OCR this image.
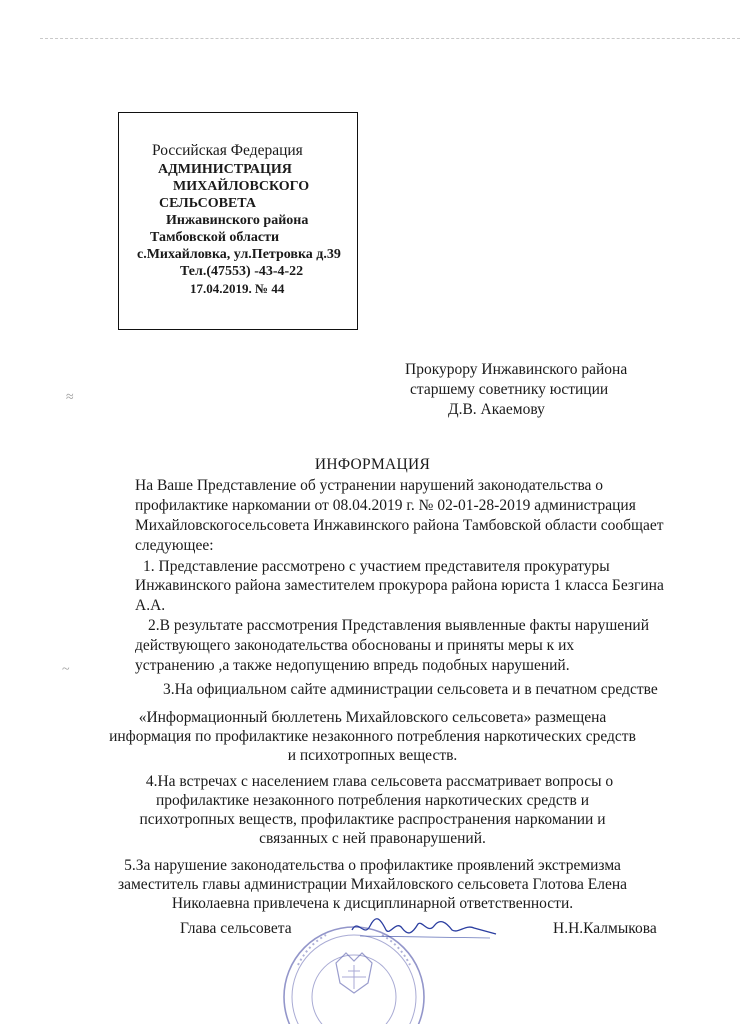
≈
~
Российская Федерация
АДМИНИСТРАЦИЯ
МИХАЙЛОВСКОГО
СЕЛЬСОВЕТА
Инжавинского района
Тамбовской области
с.Михайловка, ул.Петровка д.39
Тел.(47553) -43-4-22
17.04.2019. № 44
Прокурору Инжавинского района
старшему советнику юстиции
Д.В. Акаемову
ИНФОРМАЦИЯ
На Ваше Представление об устранении нарушений законодательства о
профилактике наркомании от 08.04.2019 г. № 02-01-28-2019 администрация
Михайловскогосельсовета Инжавинского района Тамбовской области сообщает
следующее:
1. Представление рассмотрено с участием представителя прокуратуры
Инжавинского района заместителем прокурора района юриста 1 класса Безгина
А.А.
2.В результате рассмотрения Представления выявленные факты нарушений
действующего законодательства обоснованы и приняты меры к их
устранению ,а также недопущению впредь подобных нарушений.
3.На официальном сайте администрации сельсовета и в печатном средстве
«Информационный бюллетень Михайловского сельсовета» размещена
информация по профилактике незаконного потребления наркотических средств
и психотропных веществ.
4.На встречах с населением глава сельсовета рассматривает вопросы о
профилактике незаконного потребления наркотических средств и
психотропных веществ, профилактике распространения наркомании и
связанных с ней правонарушений.
5.За нарушение законодательства о профилактике проявлений экстремизма
заместитель главы администрации Михайловского сельсовета Глотова Елена
Николаевна привлечена к дисциплинарной ответственности.
Глава сельсовета	Н.Н.Калмыкова
